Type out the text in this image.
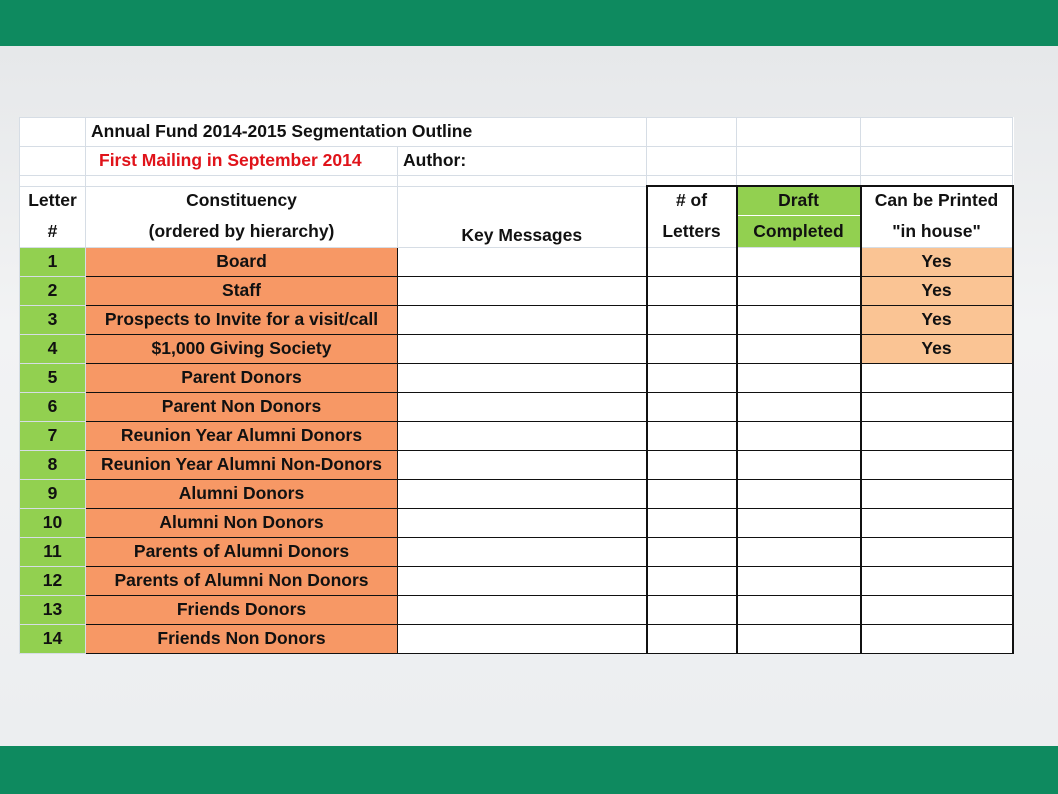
	Annual Fund 2014-2015 Segmentation Outline				
	First Mailing in September 2014	Author:			

Letter	Constituency		# of	Draft	Can be Printed
#	(ordered by hierarchy)	Key Messages	Letters	Completed	"in house"
1	Board				Yes
2	Staff				Yes
3	Prospects to Invite for a visit/call				Yes
4	$1,000 Giving Society				Yes
5	Parent Donors				
6	Parent Non Donors				
7	Reunion Year Alumni Donors				
8	Reunion Year Alumni Non-Donors				
9	Alumni Donors				
10	Alumni Non Donors				
11	Parents of Alumni Donors				
12	Parents of Alumni Non Donors				
13	Friends Donors				
14	Friends Non Donors				
